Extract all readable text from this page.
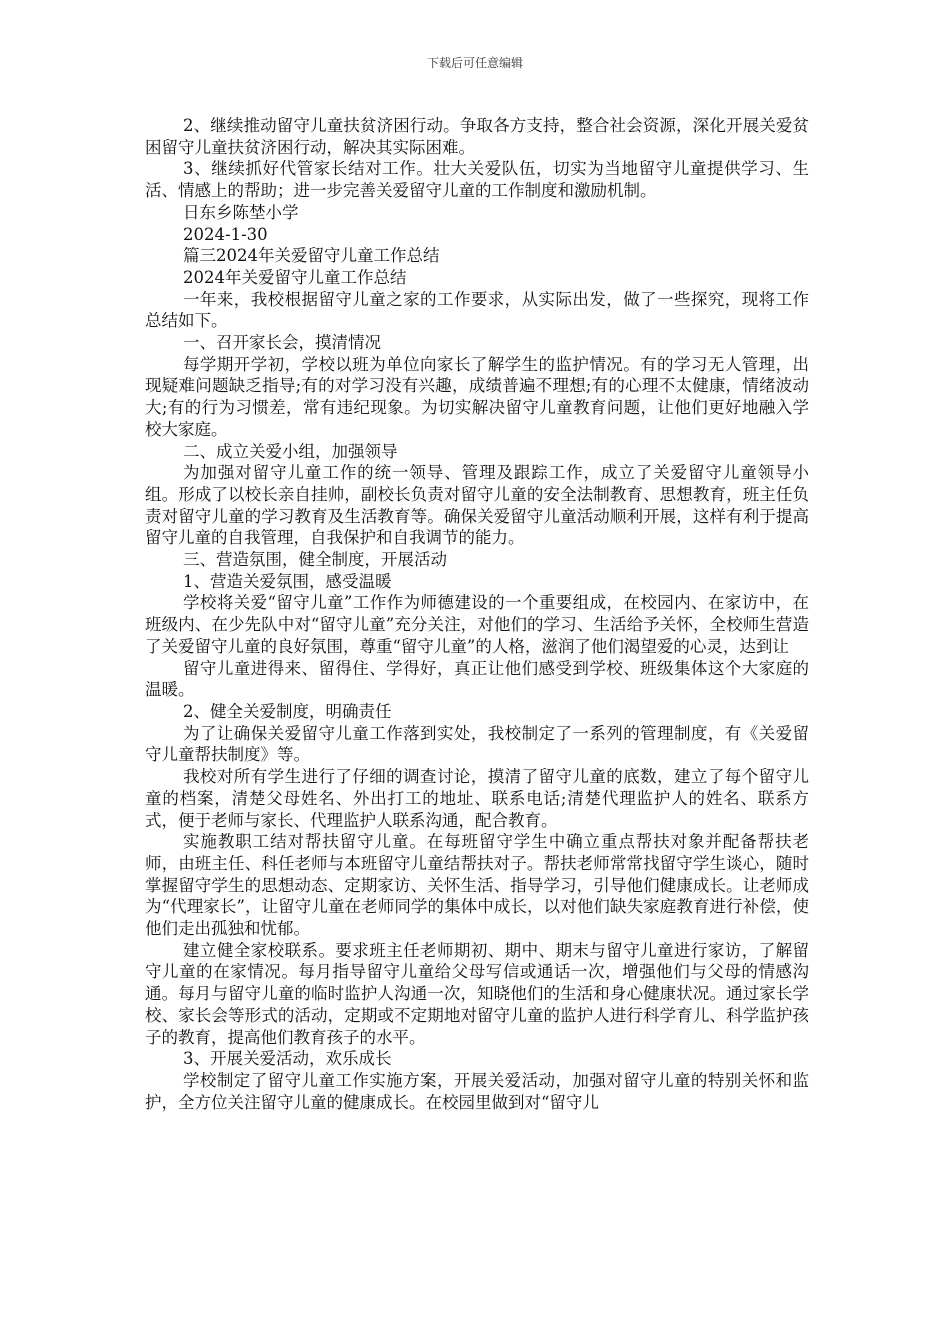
下载后可任意编辑

2、继续推动留守儿童扶贫济困行动。争取各方支持，整合社会资源，深化开展关爱贫困留守儿童扶贫济困行动，解决其实际困难。

3、继续抓好代管家长结对工作。壮大关爱队伍，切实为当地留守儿童提供学习、生活、情感上的帮助；进一步完善关爱留守儿童的工作制度和激励机制。

日东乡陈埜小学

2024-1-30

篇三2024年关爱留守儿童工作总结

2024年关爱留守儿童工作总结

一年来，我校根据留守儿童之家的工作要求，从实际出发，做了一些探究，现将工作总结如下。

一、召开家长会，摸清情况

每学期开学初，学校以班为单位向家长了解学生的监护情况。有的学习无人管理，出现疑难问题缺乏指导;有的对学习没有兴趣，成绩普遍不理想;有的心理不太健康，情绪波动大;有的行为习惯差，常有违纪现象。为切实解决留守儿童教育问题，让他们更好地融入学校大家庭。

二、成立关爱小组，加强领导

为加强对留守儿童工作的统一领导、管理及跟踪工作，成立了关爱留守儿童领导小组。形成了以校长亲自挂帅，副校长负责对留守儿童的安全法制教育、思想教育，班主任负责对留守儿童的学习教育及生活教育等。确保关爱留守儿童活动顺利开展，这样有利于提高留守儿童的自我管理，自我保护和自我调节的能力。

三、营造氛围，健全制度，开展活动

1、营造关爱氛围，感受温暖

学校将关爱“留守儿童”工作作为师德建设的一个重要组成，在校园内、在家访中，在班级内、在少先队中对“留守儿童”充分关注，对他们的学习、生活给予关怀，全校师生营造了关爱留守儿童的良好氛围，尊重“留守儿童”的人格，滋润了他们渴望爱的心灵，达到让

留守儿童进得来、留得住、学得好，真正让他们感受到学校、班级集体这个大家庭的温暖。

2、健全关爱制度，明确责任

为了让确保关爱留守儿童工作落到实处，我校制定了一系列的管理制度，有《关爱留守儿童帮扶制度》等。

我校对所有学生进行了仔细的调查讨论，摸清了留守儿童的底数，建立了每个留守儿童的档案，清楚父母姓名、外出打工的地址、联系电话;清楚代理监护人的姓名、联系方式，便于老师与家长、代理监护人联系沟通，配合教育。

实施教职工结对帮扶留守儿童。在每班留守学生中确立重点帮扶对象并配备帮扶老师，由班主任、科任老师与本班留守儿童结帮扶对子。帮扶老师常常找留守学生谈心，随时掌握留守学生的思想动态、定期家访、关怀生活、指导学习，引导他们健康成长。让老师成为“代理家长”，让留守儿童在老师同学的集体中成长，以对他们缺失家庭教育进行补偿，使他们走出孤独和忧郁。

建立健全家校联系。要求班主任老师期初、期中、期末与留守儿童进行家访，了解留守儿童的在家情况。每月指导留守儿童给父母写信或通话一次，增强他们与父母的情感沟通。每月与留守儿童的临时监护人沟通一次，知晓他们的生活和身心健康状况。通过家长学校、家长会等形式的活动，定期或不定期地对留守儿童的监护人进行科学育儿、科学监护孩子的教育，提高他们教育孩子的水平。

3、开展关爱活动，欢乐成长

学校制定了留守儿童工作实施方案，开展关爱活动，加强对留守儿童的特别关怀和监护，全方位关注留守儿童的健康成长。在校园里做到对“留守儿
